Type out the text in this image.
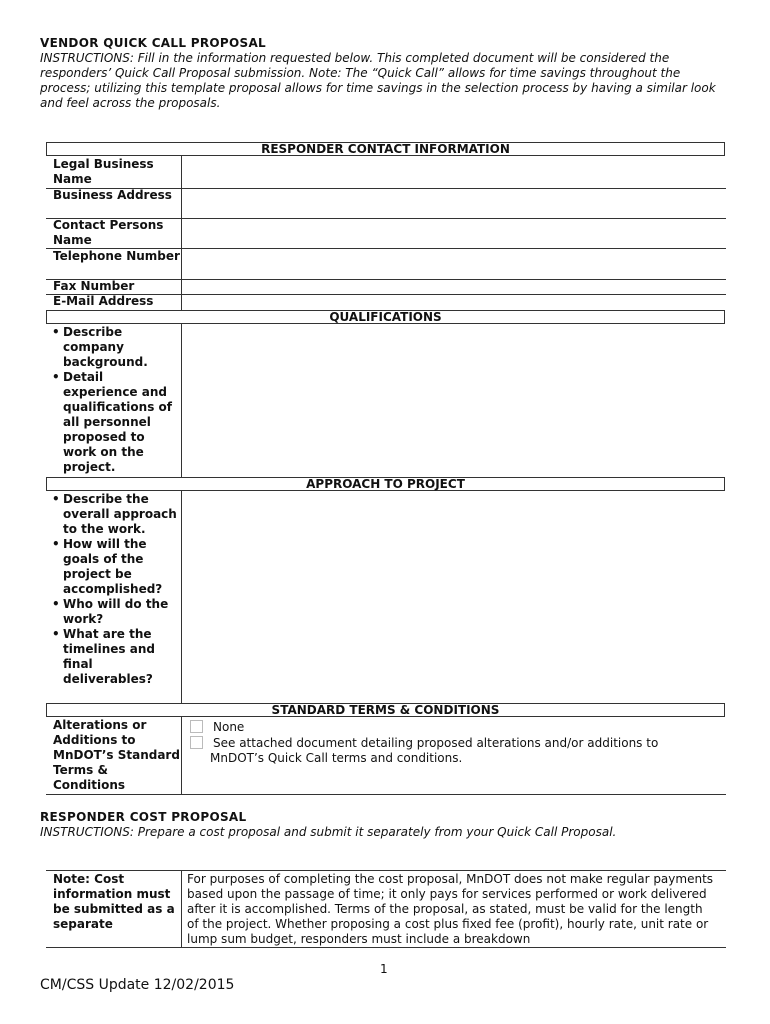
VENDOR QUICK CALL PROPOSAL
INSTRUCTIONS: Fill in the information requested below. This completed document will be considered the responders’ Quick Call Proposal submission. Note: The “Quick Call” allows for time savings throughout the process; utilizing this template proposal allows for time savings in the selection process by having a similar look and feel across the proposals.
RESPONDER CONTACT INFORMATION
Legal Business Name
Business Address
Contact Persons Name
Telephone Number
Fax Number
E-Mail Address
QUALIFICATIONS
• Describe company background.
• Detail experience and qualifications of all personnel proposed to work on the project.
APPROACH TO PROJECT
• Describe the overall approach to the work.
• How will the goals of the project be accomplished?
• Who will do the work?
• What are the timelines and final deliverables?
STANDARD TERMS & CONDITIONS
Alterations or Additions to MnDOT’s Standard Terms & Conditions
None
See attached document detailing proposed alterations and/or additions to MnDOT’s Quick Call terms and conditions.
RESPONDER COST PROPOSAL
INSTRUCTIONS: Prepare a cost proposal and submit it separately from your Quick Call Proposal.
Note: Cost information must be submitted as a separate
For purposes of completing the cost proposal, MnDOT does not make regular payments based upon the passage of time; it only pays for services performed or work delivered after it is accomplished. Terms of the proposal, as stated, must be valid for the length of the project. Whether proposing a cost plus fixed fee (profit), hourly rate, unit rate or lump sum budget, responders must include a breakdown
1
CM/CSS Update 12/02/2015
